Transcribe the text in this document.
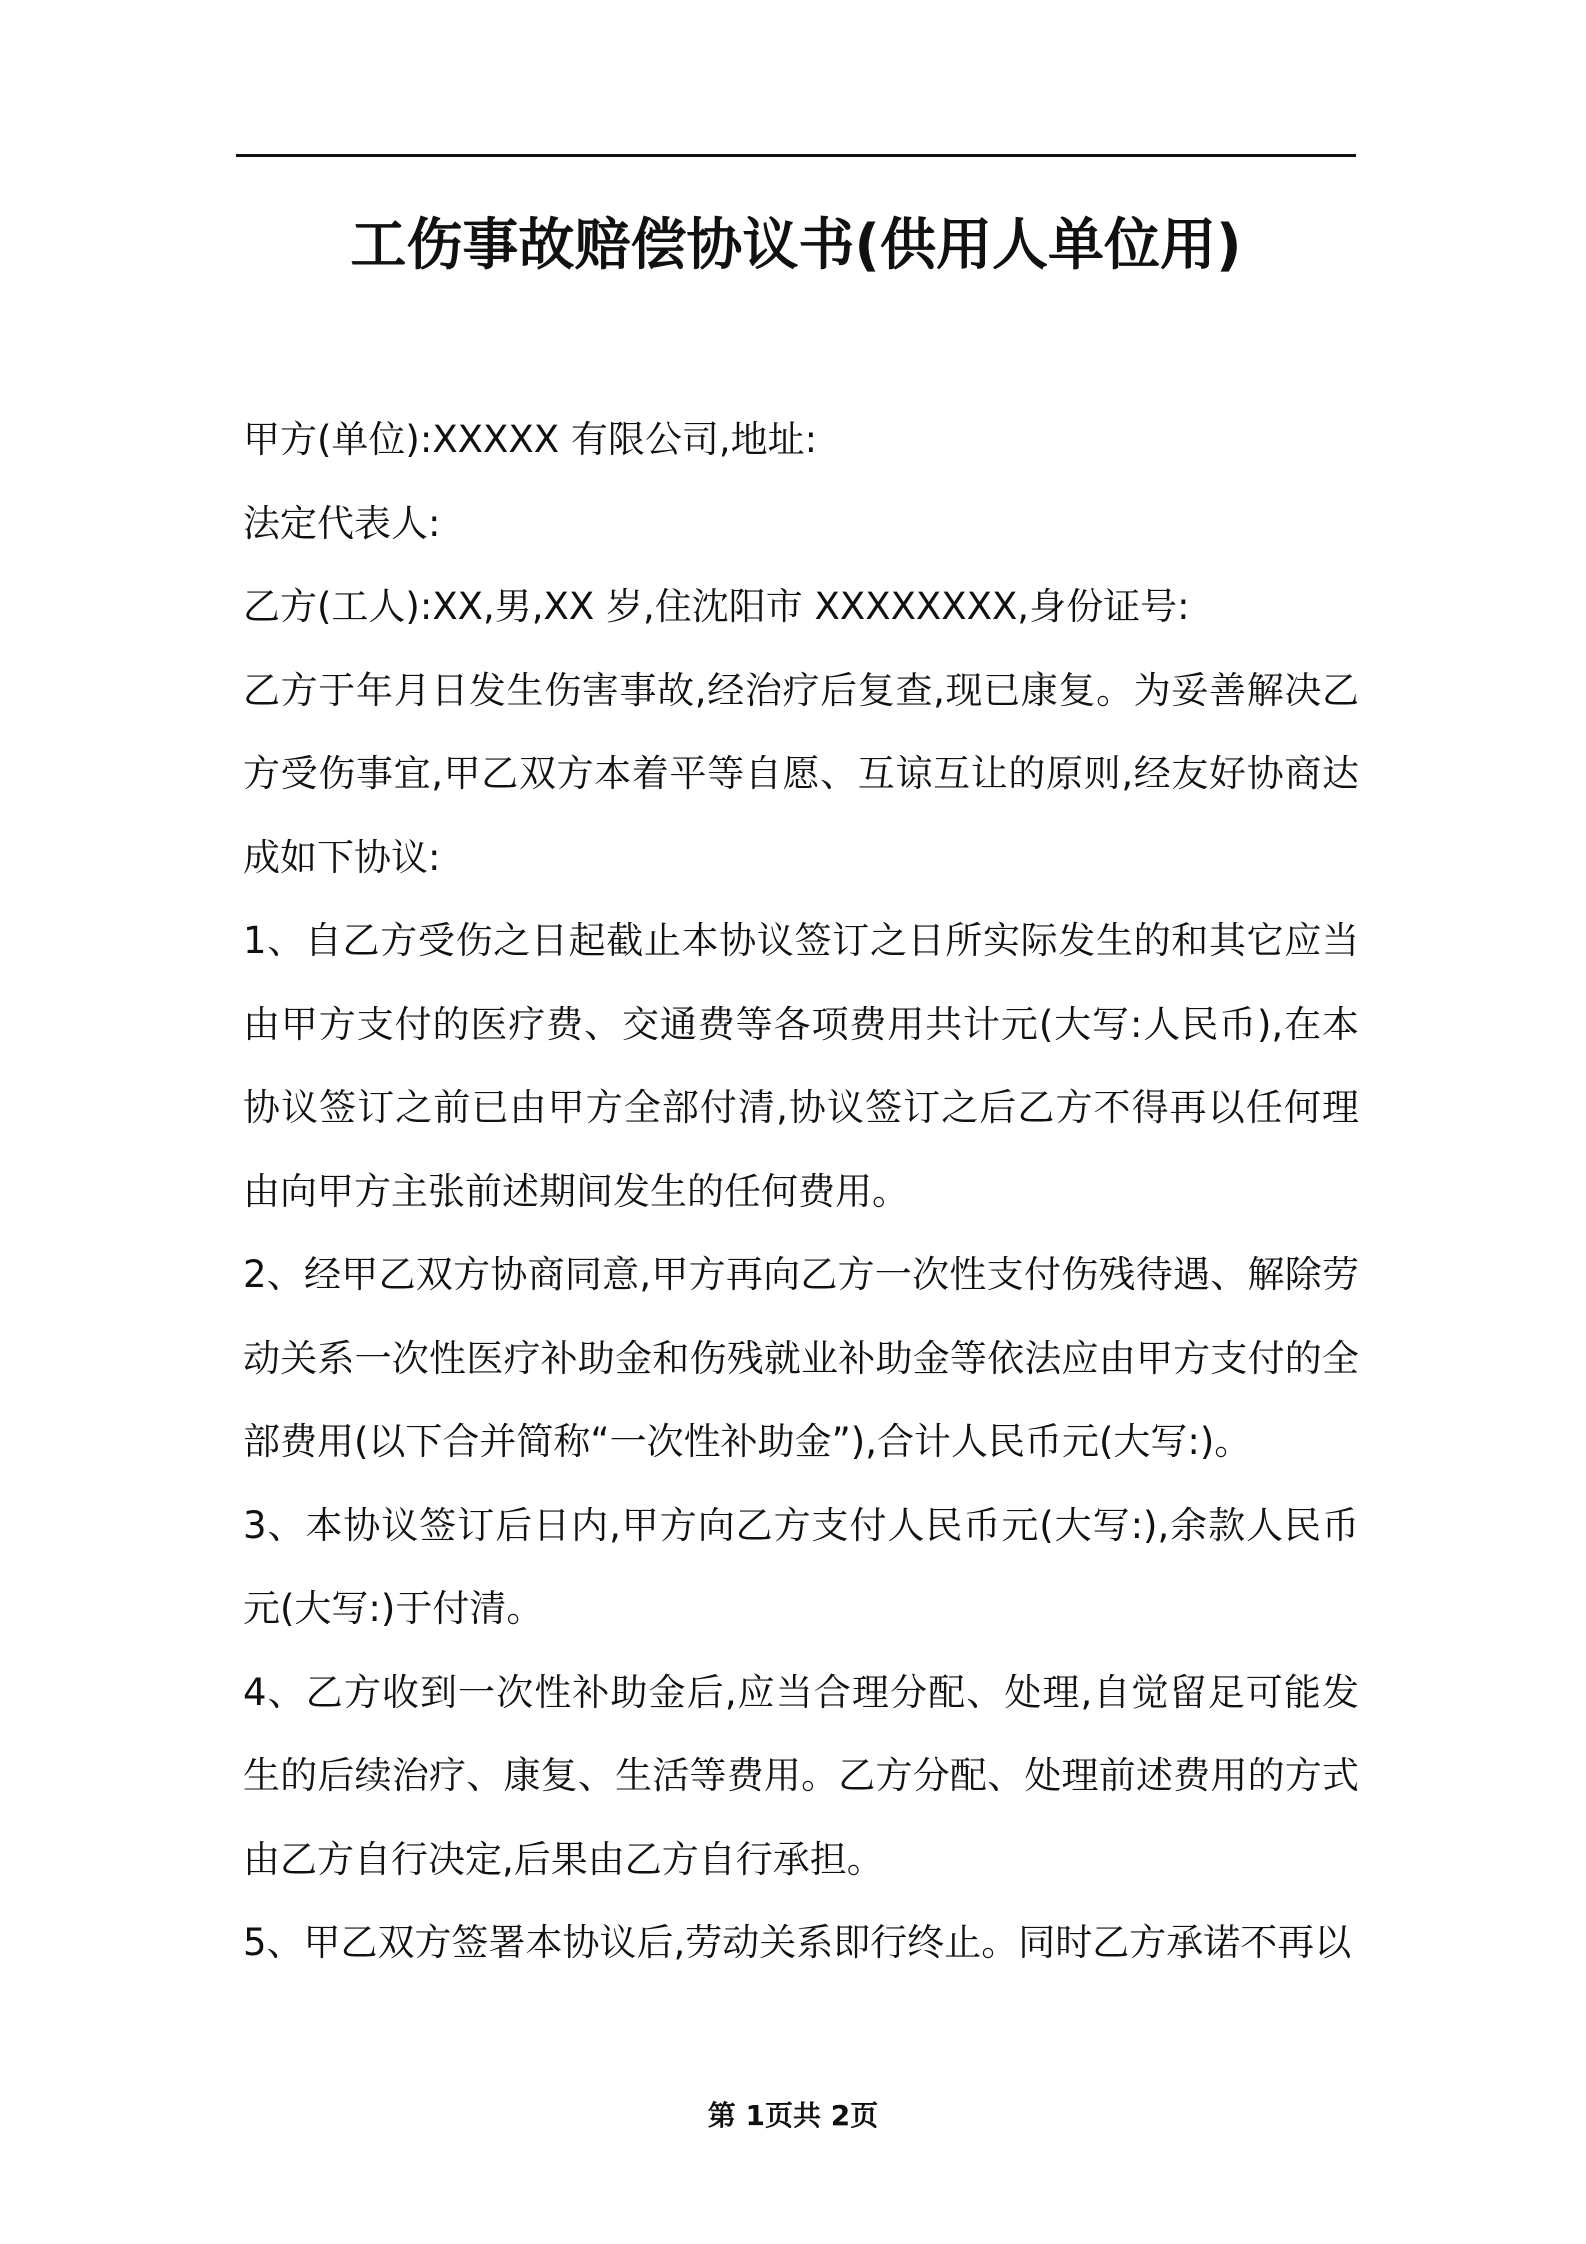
工伤事故赔偿协议书(供用人单位用)

甲方(单位):XXXXX 有限公司,地址:

法定代表人:

乙方(工人):XX,男,XX 岁,住沈阳市 XXXXXXXX,身份证号:

乙方于年月日发生伤害事故,经治疗后复查,现已康复。为妥善解决乙方受伤事宜,甲乙双方本着平等自愿、互谅互让的原则,经友好协商达成如下协议:

1、自乙方受伤之日起截止本协议签订之日所实际发生的和其它应当由甲方支付的医疗费、交通费等各项费用共计元(大写:人民币),在本协议签订之前已由甲方全部付清,协议签订之后乙方不得再以任何理由向甲方主张前述期间发生的任何费用。

2、经甲乙双方协商同意,甲方再向乙方一次性支付伤残待遇、解除劳动关系一次性医疗补助金和伤残就业补助金等依法应由甲方支付的全部费用(以下合并简称“一次性补助金”),合计人民币元(大写:)。

3、本协议签订后日内,甲方向乙方支付人民币元(大写:),余款人民币元(大写:)于付清。

4、乙方收到一次性补助金后,应当合理分配、处理,自觉留足可能发生的后续治疗、康复、生活等费用。乙方分配、处理前述费用的方式由乙方自行决定,后果由乙方自行承担。

5、甲乙双方签署本协议后,劳动关系即行终止。同时乙方承诺不再以

第 1页共 2页
